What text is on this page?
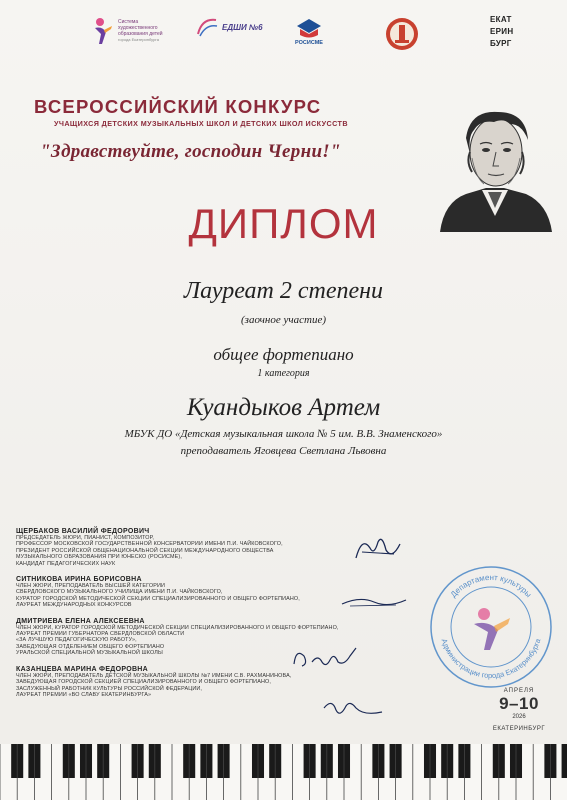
Система художественного образования детей
города Екатеринбурга
ЕДШИ №6
РОСИСМЕ
ЕКАТ
ЕРИН
БУРГ
ВСЕРОССИЙСКИЙ КОНКУРС
УЧАЩИХСЯ ДЕТСКИХ МУЗЫКАЛЬНЫХ ШКОЛ И ДЕТСКИХ ШКОЛ ИСКУССТВ
"Здравствуйте, господин Черни!"
ДИПЛОМ
Лауреат 2 степени
(заочное участие)
общее фортепиано
1 категория
Куандыков Артем
МБУК ДО «Детская музыкальная школа № 5 им. В.В. Знаменского»
преподаватель Яговцева Светлана Львовна
ЩЕРБАКОВ ВАСИЛИЙ ФЕДОРОВИЧ
ПРЕДСЕДАТЕЛЬ ЖЮРИ, ПИАНИСТ, КОМПОЗИТОР,
ПРОФЕССОР МОСКОВСКОЙ ГОСУДАРСТВЕННОЙ КОНСЕРВАТОРИИ ИМЕНИ П.И. ЧАЙКОВСКОГО,
ПРЕЗИДЕНТ РОССИЙСКОЙ ОБЩЕНАЦИОНАЛЬНОЙ СЕКЦИИ МЕЖДУНАРОДНОГО ОБЩЕСТВА
МУЗЫКАЛЬНОГО ОБРАЗОВАНИЯ ПРИ ЮНЕСКО (РОСИСМЕ),
КАНДИДАТ ПЕДАГОГИЧЕСКИХ НАУК
СИТНИКОВА ИРИНА БОРИСОВНА
ЧЛЕН ЖЮРИ, ПРЕПОДАВАТЕЛЬ ВЫСШЕЙ КАТЕГОРИИ
СВЕРДЛОВСКОГО МУЗЫКАЛЬНОГО УЧИЛИЩА ИМЕНИ П.И. ЧАЙКОВСКОГО,
КУРАТОР ГОРОДСКОЙ МЕТОДИЧЕСКОЙ СЕКЦИИ СПЕЦИАЛИЗИРОВАННОГО И ОБЩЕГО ФОРТЕПИАНО,
ЛАУРЕАТ МЕЖДУНАРОДНЫХ КОНКУРСОВ
ДМИТРИЕВА ЕЛЕНА АЛЕКСЕЕВНА
ЧЛЕН ЖЮРИ, КУРАТОР ГОРОДСКОЙ МЕТОДИЧЕСКОЙ СЕКЦИИ СПЕЦИАЛИЗИРОВАННОГО И ОБЩЕГО ФОРТЕПИАНО,
ЛАУРЕАТ ПРЕМИИ ГУБЕРНАТОРА СВЕРДЛОВСКОЙ ОБЛАСТИ
«ЗА ЛУЧШУЮ ПЕДАГОГИЧЕСКУЮ РАБОТУ»,
ЗАВЕДУЮЩАЯ ОТДЕЛЕНИЕМ ОБЩЕГО ФОРТЕПИАНО
УРАЛЬСКОЙ СПЕЦИАЛЬНОЙ МУЗЫКАЛЬНОЙ ШКОЛЫ
КАЗАНЦЕВА МАРИНА ФЕДОРОВНА
ЧЛЕН ЖЮРИ, ПРЕПОДАВАТЕЛЬ ДЕТСКОЙ МУЗЫКАЛЬНОЙ ШКОЛЫ №7 ИМЕНИ С.В. РАХМАНИНОВА,
ЗАВЕДУЮЩАЯ ГОРОДСКОЙ СЕКЦИЕЙ СПЕЦИАЛИЗИРОВАННОГО И ОБЩЕГО ФОРТЕПИАНО,
ЗАСЛУЖЕННЫЙ РАБОТНИК КУЛЬТУРЫ РОССИЙСКОЙ ФЕДЕРАЦИИ,
ЛАУРЕАТ ПРЕМИИ «ВО СЛАВУ ЕКАТЕРИНБУРГА»
Департамент культуры
Администрации города Екатеринбурга
АПРЕЛЯ
9–10
2026
ЕКАТЕРИНБУРГ
